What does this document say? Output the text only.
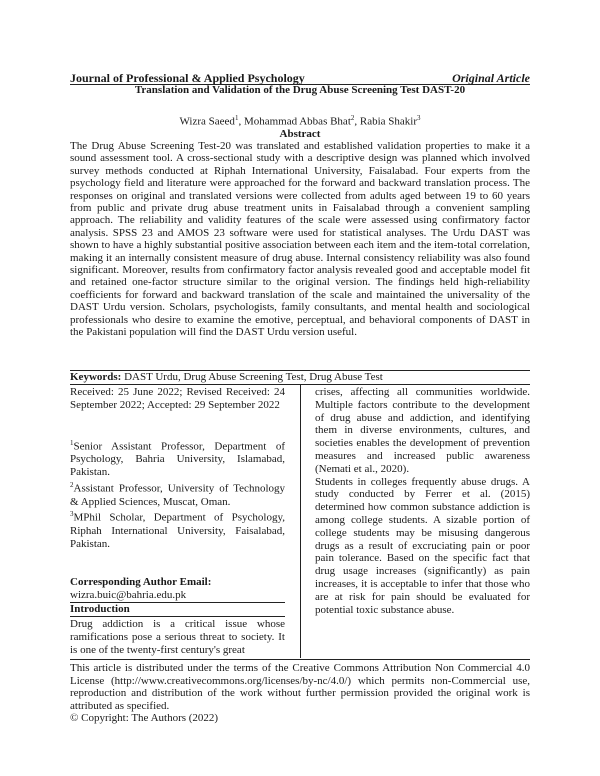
Journal of Professional & Applied Psychology	Original Article
Translation and Validation of the Drug Abuse Screening Test DAST-20
Wizra Saeed$^1$, Mohammad Abbas Bhat$^2$, Rabia Shakir$^3$
Abstract
The Drug Abuse Screening Test-20 was translated and established validation properties to make it a sound assessment tool. A cross-sectional study with a descriptive design was planned which involved survey methods conducted at Riphah International University, Faisalabad. Four experts from the psychology field and literature were approached for the forward and backward translation process. The responses on original and translated versions were collected from adults aged between 19 to 60 years from public and private drug abuse treatment units in Faisalabad through a convenient sampling approach. The reliability and validity features of the scale were assessed using confirmatory factor analysis. SPSS 23 and AMOS 23 software were used for statistical analyses. The Urdu DAST was shown to have a highly substantial positive association between each item and the item-total correlation, making it an internally consistent measure of drug abuse. Internal consistency reliability was also found significant. Moreover, results from confirmatory factor analysis revealed good and acceptable model fit and retained one-factor structure similar to the original version. The findings held high-reliability coefficients for forward and backward translation of the scale and maintained the universality of the DAST Urdu version. Scholars, psychologists, family consultants, and mental health and sociological professionals who desire to examine the emotive, perceptual, and behavioral components of DAST in the Pakistani population will find the DAST Urdu version useful.
Keywords: DAST Urdu, Drug Abuse Screening Test, Drug Abuse Test
Received: 25 June 2022; Revised Received: 24 September 2022; Accepted: 29 September 2022

$^1$Senior Assistant Professor, Department of Psychology, Bahria University, Islamabad, Pakistan.

$^2$Assistant Professor, University of Technology & Applied Sciences, Muscat, Oman.

$^3$MPhil Scholar, Department of Psychology, Riphah International University, Faisalabad, Pakistan.

Corresponding Author Email:
wizra.buic@bahria.edu.pk
Introduction
Drug addiction is a critical issue whose ramifications pose a serious threat to society. It is one of the twenty-first century's great

crises, affecting all communities worldwide. Multiple factors contribute to the development of drug abuse and addiction, and identifying them in diverse environments, cultures, and societies enables the development of prevention measures and increased public awareness (Nemati et al., 2020).

Students in colleges frequently abuse drugs. A study conducted by Ferrer et al. (2015) determined how common substance addiction is among college students. A sizable portion of college students may be misusing dangerous drugs as a result of excruciating pain or poor pain tolerance. Based on the specific fact that drug usage increases (significantly) as pain increases, it is acceptable to infer that those who are at risk for pain should be evaluated for potential toxic substance abuse.

This article is distributed under the terms of the Creative Commons Attribution Non Commercial 4.0 License (http://www.creativecommons.org/licenses/by-nc/4.0/) which permits non-Commercial use, reproduction and distribution of the work without further permission provided the original work is attributed as specified.

© Copyright: The Authors (2022)
